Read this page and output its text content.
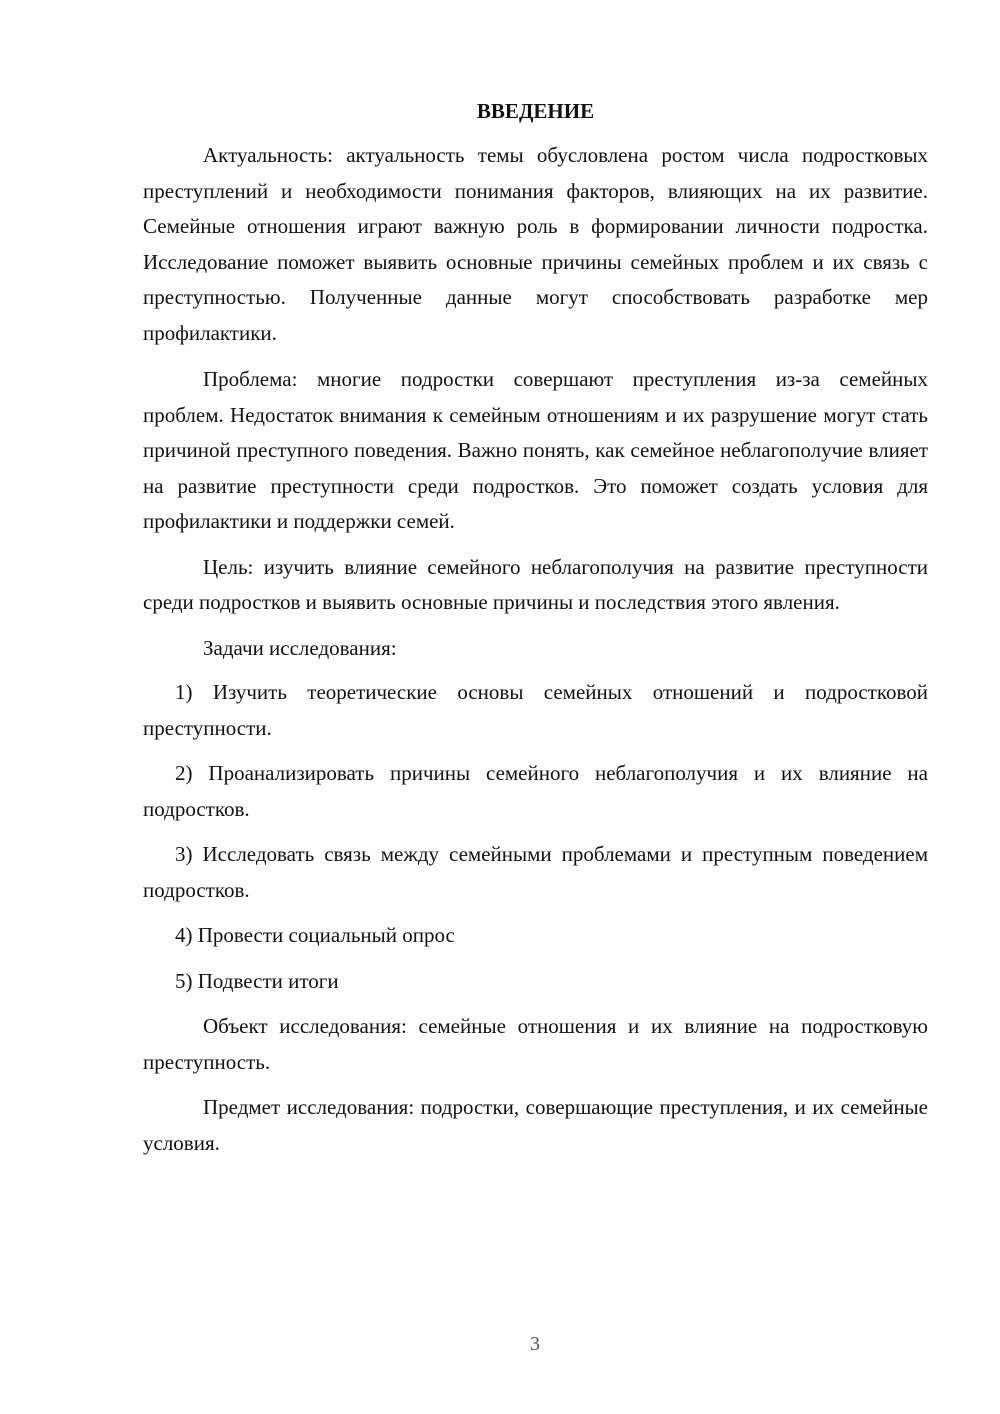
ВВЕДЕНИЕ

Актуальность: актуальность темы обусловлена ростом числа подростковых преступлений и необходимости понимания факторов, влияющих на их развитие. Семейные отношения играют важную роль в формировании личности подростка. Исследование поможет выявить основные причины семейных проблем и их связь с преступностью. Полученные данные могут способствовать разработке мер профилактики.

Проблема: многие подростки совершают преступления из-за семейных проблем. Недостаток внимания к семейным отношениям и их разрушение могут стать причиной преступного поведения. Важно понять, как семейное неблагополучие влияет на развитие преступности среди подростков. Это поможет создать условия для профилактики и поддержки семей.

Цель: изучить влияние семейного неблагополучия на развитие преступности среди подростков и выявить основные причины и последствия этого явления.

Задачи исследования:

1) Изучить теоретические основы семейных отношений и подростковой преступности.

2) Проанализировать причины семейного неблагополучия и их влияние на подростков.

3) Исследовать связь между семейными проблемами и преступным поведением подростков.

4) Провести социальный опрос

5) Подвести итоги

Объект исследования: семейные отношения и их влияние на подростковую преступность.

Предмет исследования: подростки, совершающие преступления, и их семейные условия.

3
